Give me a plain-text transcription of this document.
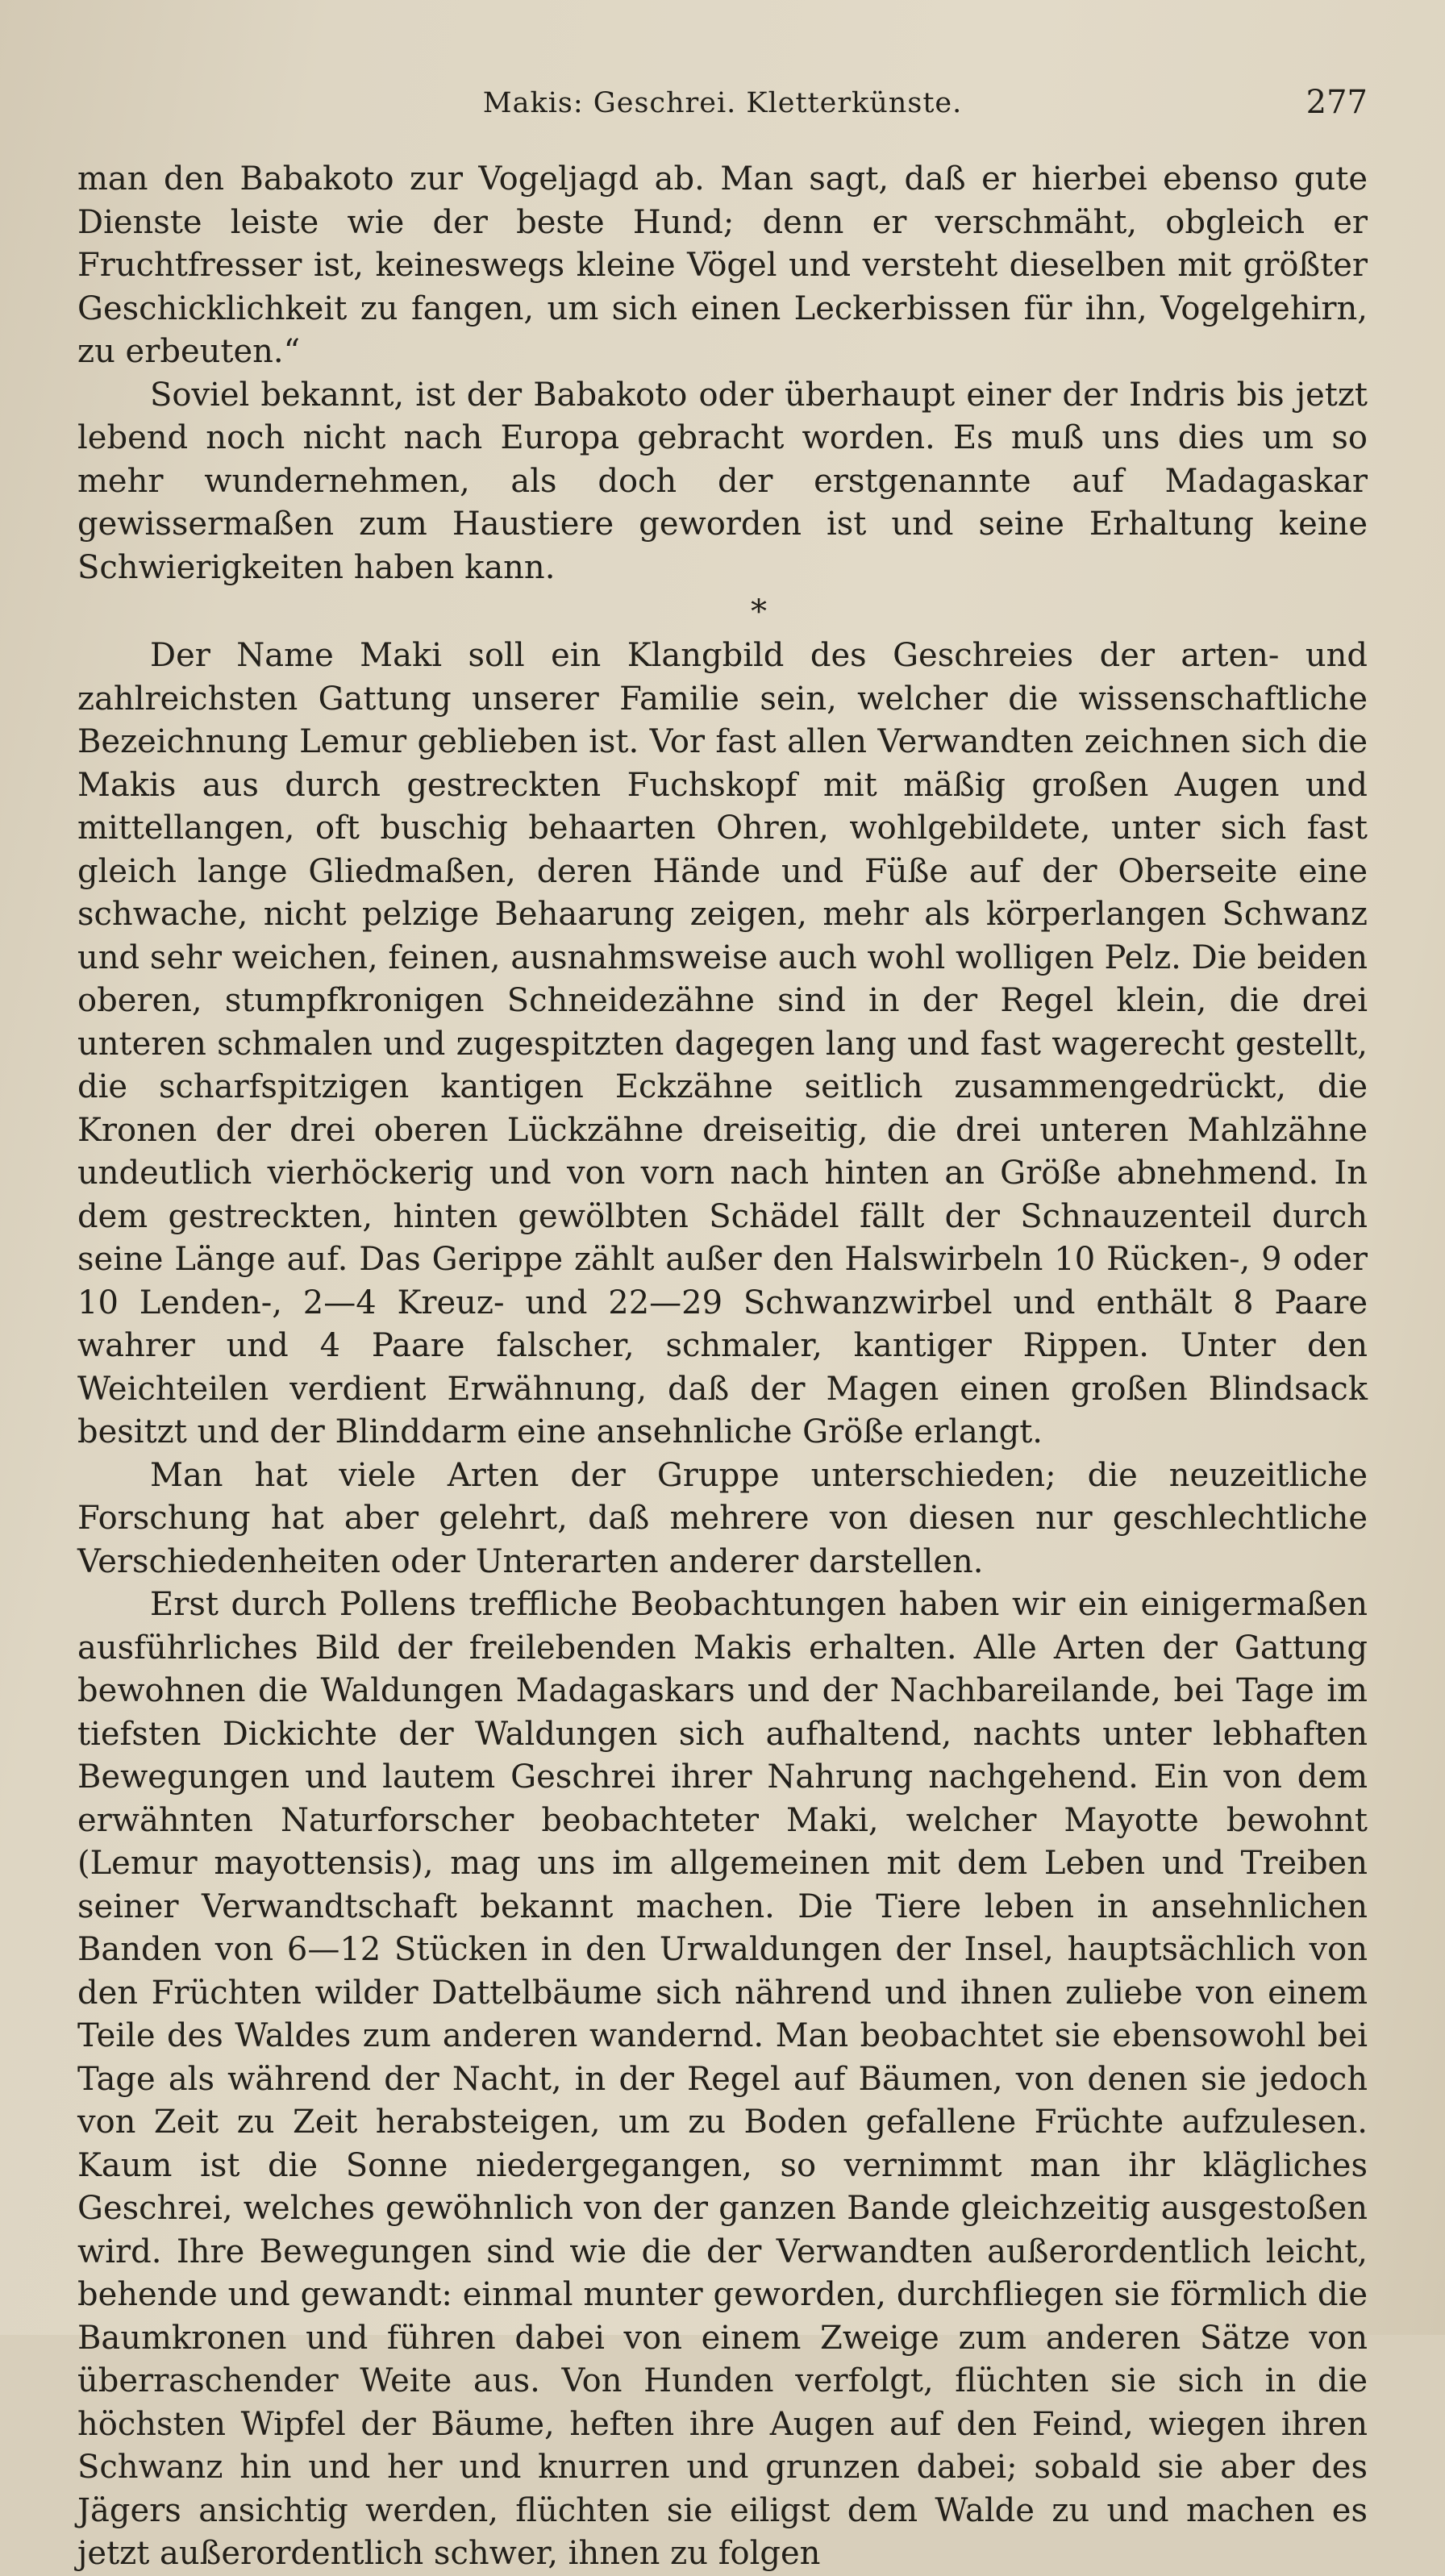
Makis: Geschrei. Kletterkünste.	277

man den Babakoto zur Vogeljagd ab. Man sagt, daß er hierbei ebenso gute Dienste leiste wie der beste Hund; denn er verschmäht, obgleich er Fruchtfresser ist, keineswegs kleine Vögel und versteht dieselben mit größter Geschicklichkeit zu fangen, um sich einen Leckerbissen für ihn, Vogelgehirn, zu erbeuten.“

Soviel bekannt, ist der Babakoto oder überhaupt einer der Indris bis jetzt lebend noch nicht nach Europa gebracht worden. Es muß uns dies um so mehr wundernehmen, als doch der erstgenannte auf Madagaskar gewissermaßen zum Haustiere geworden ist und seine Erhaltung keine Schwierigkeiten haben kann.

*

Der Name Maki soll ein Klangbild des Geschreies der arten- und zahlreichsten Gattung unserer Familie sein, welcher die wissenschaftliche Bezeichnung Lemur geblieben ist. Vor fast allen Verwandten zeichnen sich die Makis aus durch gestreckten Fuchskopf mit mäßig großen Augen und mittellangen, oft buschig behaarten Ohren, wohlgebildete, unter sich fast gleich lange Gliedmaßen, deren Hände und Füße auf der Oberseite eine schwache, nicht pelzige Behaarung zeigen, mehr als körperlangen Schwanz und sehr weichen, feinen, ausnahmsweise auch wohl wolligen Pelz. Die beiden oberen, stumpfkronigen Schneidezähne sind in der Regel klein, die drei unteren schmalen und zugespitzten dagegen lang und fast wagerecht gestellt, die scharfspitzigen kantigen Eckzähne seitlich zusammengedrückt, die Kronen der drei oberen Lückzähne dreiseitig, die drei unteren Mahlzähne undeutlich vierhöckerig und von vorn nach hinten an Größe abnehmend. In dem gestreckten, hinten gewölbten Schädel fällt der Schnauzenteil durch seine Länge auf. Das Gerippe zählt außer den Halswirbeln 10 Rücken-, 9 oder 10 Lenden-, 2—4 Kreuz- und 22—29 Schwanzwirbel und enthält 8 Paare wahrer und 4 Paare falscher, schmaler, kantiger Rippen. Unter den Weichteilen verdient Erwähnung, daß der Magen einen großen Blindsack besitzt und der Blinddarm eine ansehnliche Größe erlangt.

Man hat viele Arten der Gruppe unterschieden; die neuzeitliche Forschung hat aber gelehrt, daß mehrere von diesen nur geschlechtliche Verschiedenheiten oder Unterarten anderer darstellen.

Erst durch Pollens treffliche Beobachtungen haben wir ein einigermaßen ausführliches Bild der freilebenden Makis erhalten. Alle Arten der Gattung bewohnen die Waldungen Madagaskars und der Nachbareilande, bei Tage im tiefsten Dickichte der Waldungen sich aufhaltend, nachts unter lebhaften Bewegungen und lautem Geschrei ihrer Nahrung nachgehend. Ein von dem erwähnten Naturforscher beobachteter Maki, welcher Mayotte bewohnt (Lemur mayottensis), mag uns im allgemeinen mit dem Leben und Treiben seiner Verwandtschaft bekannt machen. Die Tiere leben in ansehnlichen Banden von 6—12 Stücken in den Urwaldungen der Insel, hauptsächlich von den Früchten wilder Dattelbäume sich nährend und ihnen zuliebe von einem Teile des Waldes zum anderen wandernd. Man beobachtet sie ebensowohl bei Tage als während der Nacht, in der Regel auf Bäumen, von denen sie jedoch von Zeit zu Zeit herabsteigen, um zu Boden gefallene Früchte aufzulesen. Kaum ist die Sonne niedergegangen, so vernimmt man ihr klägliches Geschrei, welches gewöhnlich von der ganzen Bande gleichzeitig ausgestoßen wird. Ihre Bewegungen sind wie die der Verwandten außerordentlich leicht, behende und gewandt: einmal munter geworden, durchfliegen sie förmlich die Baumkronen und führen dabei von einem Zweige zum anderen Sätze von überraschender Weite aus. Von Hunden verfolgt, flüchten sie sich in die höchsten Wipfel der Bäume, heften ihre Augen auf den Feind, wiegen ihren Schwanz hin und her und knurren und grunzen dabei; sobald sie aber des Jägers ansichtig werden, flüchten sie eiligst dem Walde zu und machen es jetzt außerordentlich schwer, ihnen zu folgen
